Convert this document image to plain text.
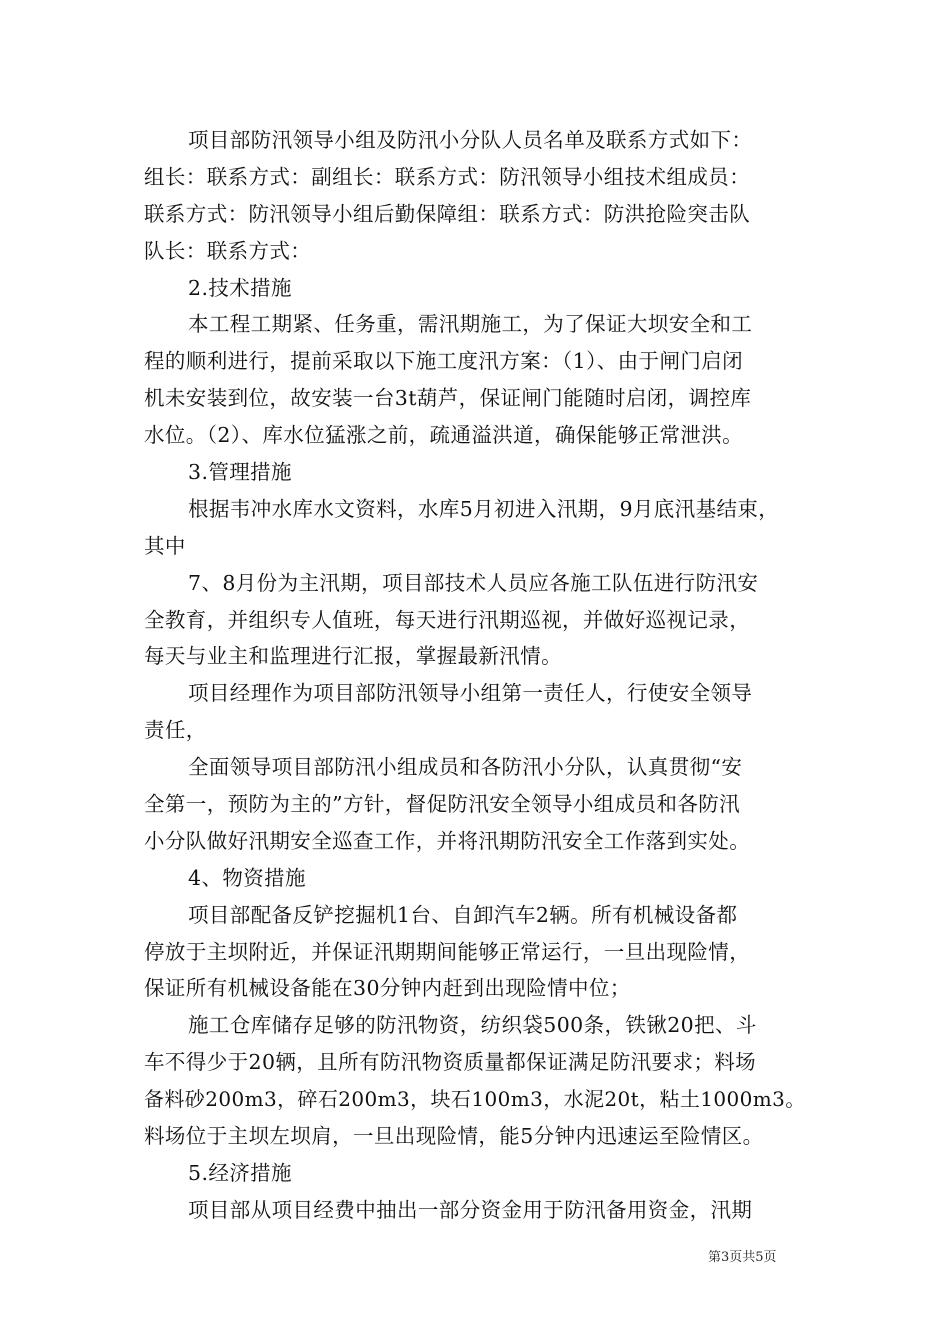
项目部防汛领导小组及防汛小分队人员名单及联系方式如下：
组长：联系方式：副组长：联系方式：防汛领导小组技术组成员：
联系方式：防汛领导小组后勤保障组：联系方式：防洪抢险突击队
队长：联系方式：
2.技术措施
本工程工期紧、任务重，需汛期施工，为了保证大坝安全和工
程的顺利进行，提前采取以下施工度汛方案：（1）、由于闸门启闭
机未安装到位，故安装一台3t葫芦，保证闸门能随时启闭，调控库
水位。（2）、库水位猛涨之前，疏通溢洪道，确保能够正常泄洪。
3.管理措施
根据韦冲水库水文资料，水库5月初进入汛期，9月底汛基结束，
其中
7、8月份为主汛期，项目部技术人员应各施工队伍进行防汛安
全教育，并组织专人值班，每天进行汛期巡视，并做好巡视记录，
每天与业主和监理进行汇报，掌握最新汛情。
项目经理作为项目部防汛领导小组第一责任人，行使安全领导
责任，
全面领导项目部防汛小组成员和各防汛小分队，认真贯彻“安
全第一，预防为主的”方针，督促防汛安全领导小组成员和各防汛
小分队做好汛期安全巡查工作，并将汛期防汛安全工作落到实处。
4、物资措施
项目部配备反铲挖掘机1台、自卸汽车2辆。所有机械设备都
停放于主坝附近，并保证汛期期间能够正常运行，一旦出现险情，
保证所有机械设备能在30分钟内赶到出现险情中位；
施工仓库储存足够的防汛物资，纺织袋500条，铁锹20把、斗
车不得少于20辆，且所有防汛物资质量都保证满足防汛要求；料场
备料砂200m3，碎石200m3，块石100m3，水泥20t，粘土1000m3。
料场位于主坝左坝肩，一旦出现险情，能5分钟内迅速运至险情区。
5.经济措施
项目部从项目经费中抽出一部分资金用于防汛备用资金，汛期
第3页共5页
